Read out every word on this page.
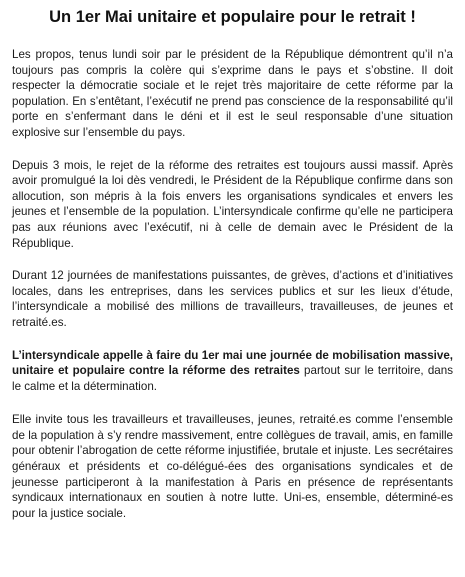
Un 1er Mai unitaire et populaire pour le retrait !

Les propos, tenus lundi soir par le président de la République démontrent qu’il n’a toujours pas compris la colère qui s’exprime dans le pays et s’obstine. Il doit respecter la démocratie sociale et le rejet très majoritaire de cette réforme par la population. En s’entêtant, l’exécutif ne prend pas conscience de la responsabilité qu’il porte en s’enfermant dans le déni et il est le seul responsable d’une situation explosive sur l’ensemble du pays.

Depuis 3 mois, le rejet de la réforme des retraites est toujours aussi massif. Après avoir promulgué la loi dès vendredi, le Président de la République confirme dans son allocution, son mépris à la fois envers les organisations syndicales et envers les jeunes et l’ensemble de la population. L’intersyndicale confirme qu’elle ne participera pas aux réunions avec l’exécutif, ni à celle de demain avec le Président de la République.

Durant 12 journées de manifestations puissantes, de grèves, d’actions et d’initiatives locales, dans les entreprises, dans les services publics et sur les lieux d’étude, l’intersyndicale a mobilisé des millions de travailleurs, travailleuses, de jeunes et retraité.es.

L’intersyndicale appelle à faire du 1er mai une journée de mobilisation massive, unitaire et populaire contre la réforme des retraites partout sur le territoire, dans le calme et la détermination.

Elle invite tous les travailleurs et travailleuses, jeunes, retraité.es comme l’ensemble de la population à s’y rendre massivement, entre collègues de travail, amis, en famille pour obtenir l’abrogation de cette réforme injustifiée, brutale et injuste. Les secrétaires généraux et présidents et co-délégué-ées des organisations syndicales et de jeunesse participeront à la manifestation à Paris en présence de représentants syndicaux internationaux en soutien à notre lutte. Uni-es, ensemble, déterminé-es pour la justice sociale.
